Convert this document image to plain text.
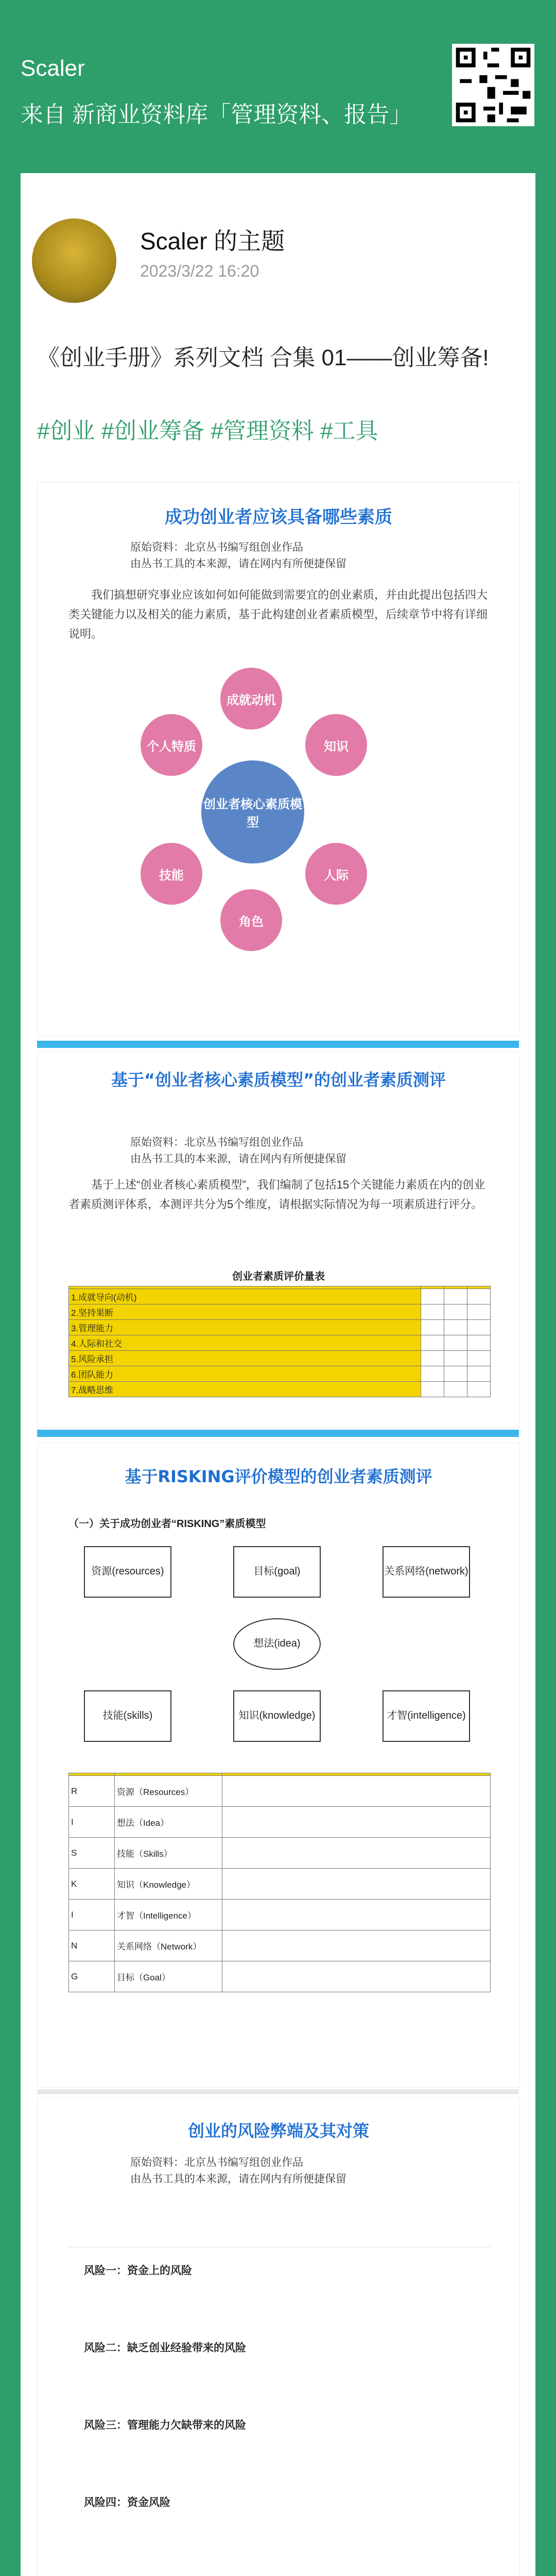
Scaler
来自 新商业资料库「管理资料、报告」
Scaler 的主题
2023/3/22 16:20
《创业手册》系列文档 合集 01——创业筹备!
#创业 #创业筹备 #管理资料 #工具
成功创业者应该具备哪些素质
原始资料：北京丛书编写组创业作品
由丛书工具的本来源，请在网内有所便捷保留
我们搞想研究事业应该如何如何能做到需要宜的创业素质，并由此提出包括四大类关键能力以及相关的能力素质，基于此构建创业者素质模型，后续章节中将有详细说明。
创业者核心素质模型
成就动机
个人特质	知识
技能	人际
角色
基于“创业者核心素质模型”的创业者素质测评
原始资料：北京丛书编写组创业作品
由丛书工具的本来源，请在网内有所便捷保留
基于上述“创业者核心素质模型”，我们编制了包括15个关键能力素质在内的创业者素质测评体系，本测评共分为5个维度，请根据实际情况为每一项素质进行评分。
创业者素质评价量表

1.成就导向(动机)			
2.坚持果断			
3.管理能力			
4.人际和社交			
5.风险承担			
6.团队能力			
7.战略思维			
基于RISKING评价模型的创业者素质测评
（一）关于成功创业者“RISKING”素质模型
资源(resources)	目标(goal)	关系网络(network)
想法(idea)
技能(skills)	知识(knowledge)	才智(intelligence)

R	资源（Resources）	
I	想法（Idea）	
S	技能（Skills）	
K	知识（Knowledge）	
I	才智（Intelligence）	
N	关系网络（Network）	
G	目标（Goal）	
创业的风险弊端及其对策
原始资料：北京丛书编写组创业作品
由丛书工具的本来源，请在网内有所便捷保留
风险一：资金上的风险
风险二：缺乏创业经验带来的风险
风险三：管理能力欠缺带来的风险
风险四：资金风险
